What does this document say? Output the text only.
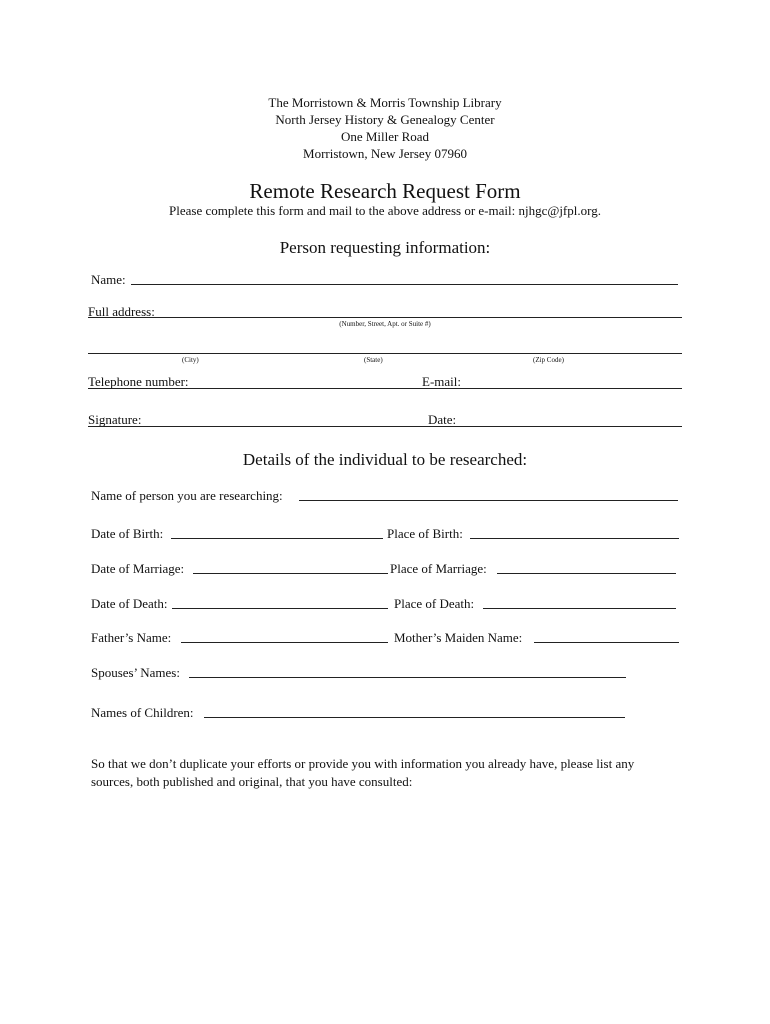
The Morristown & Morris Township Library
North Jersey History & Genealogy Center
One Miller Road
Morristown, New Jersey 07960
Remote Research Request Form
Please complete this form and mail to the above address or e-mail: njhgc@jfpl.org.
Person requesting information:
Name:
Full address:
(Number, Street, Apt. or Suite #)
(City)	(State)	(Zip Code)
Telephone number:	E-mail:
Signature:	Date:
Details of the individual to be researched:
Name of person you are researching:
Date of Birth:	Place of Birth:
Date of Marriage:	Place of Marriage:
Date of Death:	Place of Death:
Father’s Name:	Mother’s Maiden Name:
Spouses’ Names:
Names of Children:
So that we don’t duplicate your efforts or provide you with information you already have, please list any sources, both published and original, that you have consulted:
